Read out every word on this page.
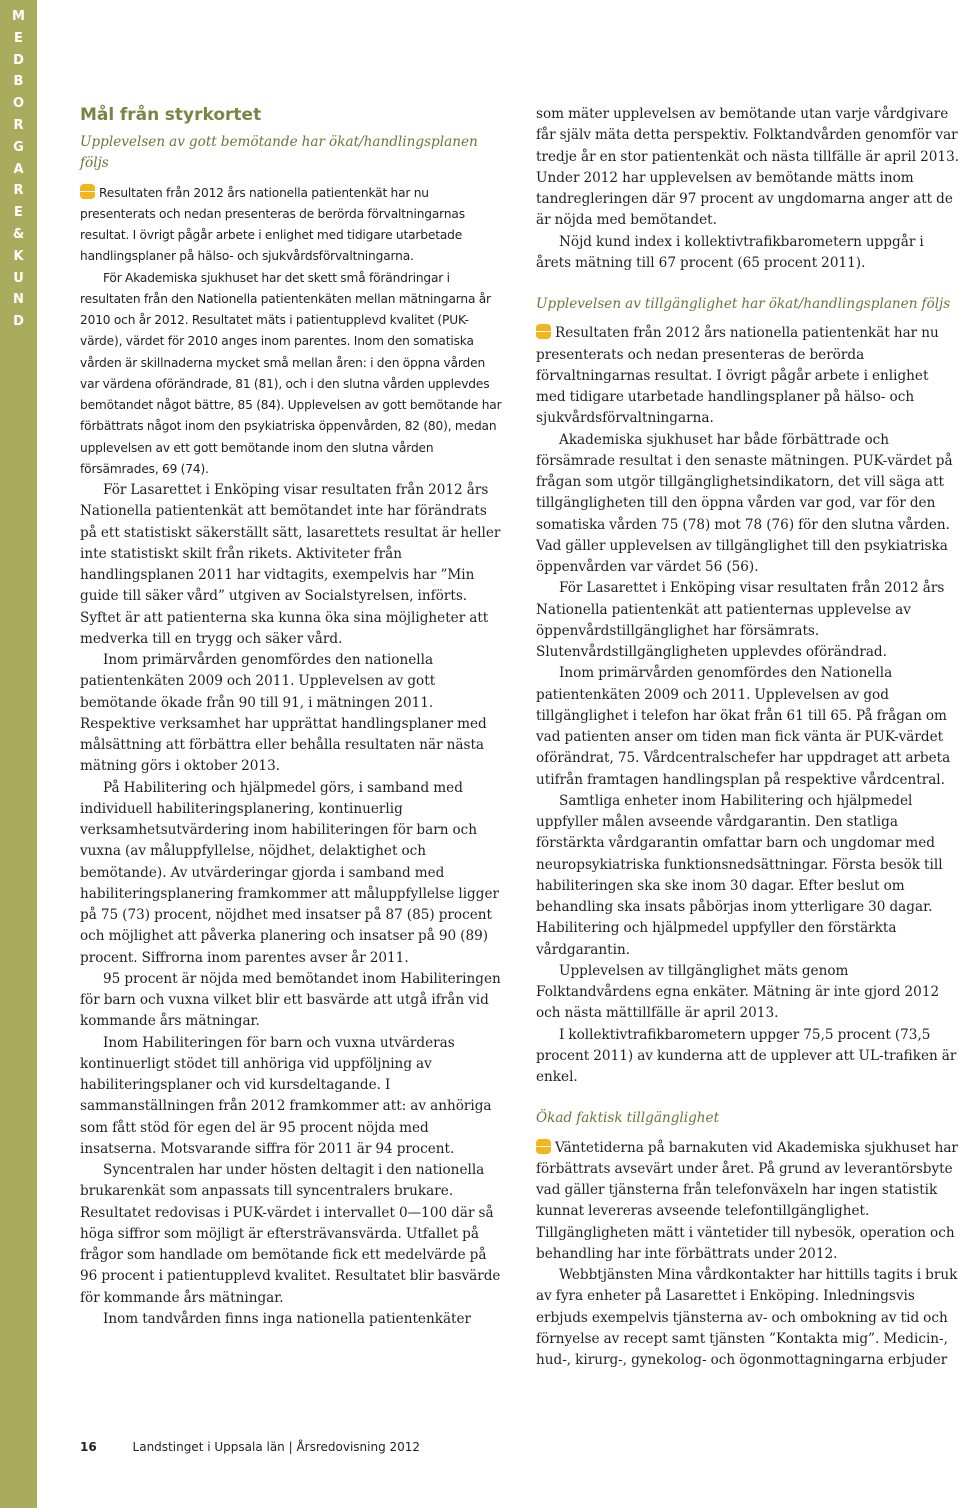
M
E
D
B
O
R
G
A
R
E
&
K
U
N
D
Mål från styrkortet
Upplevelsen av gott bemötande har ökat/handlingsplanen följs

Resultaten från 2012 års nationella patientenkät har nu presenterats och nedan presenteras de berörda förvaltningarnas resultat. I övrigt pågår arbete i enlighet med tidigare utarbetade handlingsplaner på hälso- och sjukvårdsförvaltningarna.

För Akademiska sjukhuset har det skett små förändringar i resultaten från den Nationella patientenkäten mellan mätningarna år 2010 och år 2012. Resultatet mäts i patientupplevd kvalitet (PUK-värde), värdet för 2010 anges inom parentes. Inom den somatiska vården är skillnaderna mycket små mellan åren: i den öppna vården var värdena oförändrade, 81 (81), och i den slutna vården upplevdes bemötandet något bättre, 85 (84). Upplevelsen av gott bemötande har förbättrats något inom den psykiatriska öppenvården, 82 (80), medan upplevelsen av ett gott bemötande inom den slutna vården försämrades, 69 (74).

För Lasarettet i Enköping visar resultaten från 2012 års Nationella patientenkät att bemötandet inte har förändrats på ett statistiskt säkerställt sätt, lasarettets resultat är heller inte statistiskt skilt från rikets. Aktiviteter från handlingsplanen 2011 har vidtagits, exempelvis har ”Min guide till säker vård” utgiven av Socialstyrelsen, införts. Syftet är att patienterna ska kunna öka sina möjligheter att medverka till en trygg och säker vård.

Inom primärvården genomfördes den nationella patientenkäten 2009 och 2011. Upplevelsen av gott bemötande ökade från 90 till 91, i mätningen 2011. Respektive verksamhet har upprättat handlingsplaner med målsättning att förbättra eller behålla resultaten när nästa mätning görs i oktober 2013.

På Habilitering och hjälpmedel görs, i samband med individuell habiliteringsplanering, kontinuerlig verksamhetsutvärdering inom habiliteringen för barn och vuxna (av måluppfyllelse, nöjdhet, delaktighet och bemötande). Av utvärderingar gjorda i samband med habiliteringsplanering framkommer att måluppfyllelse ligger på 75 (73) procent, nöjdhet med insatser på 87 (85) procent och möjlighet att påverka planering och insatser på 90 (89) procent. Siffrorna inom parentes avser år 2011.

95 procent är nöjda med bemötandet inom Habiliteringen för barn och vuxna vilket blir ett basvärde att utgå ifrån vid kommande års mätningar.

Inom Habiliteringen för barn och vuxna utvärderas kontinuerligt stödet till anhöriga vid uppföljning av habiliteringsplaner och vid kursdeltagande. I sammanställningen från 2012 framkommer att: av anhöriga som fått stöd för egen del är 95 procent nöjda med insatserna. Motsvarande siffra för 2011 är 94 procent.

Syncentralen har under hösten deltagit i den nationella brukarenkät som anpassats till syncentralers brukare. Resultatet redovisas i PUK-värdet i intervallet 0—100 där så höga siffror som möjligt är eftersträvansvärda. Utfallet på frågor som handlade om bemötande fick ett medelvärde på 96 procent i patientupplevd kvalitet. Resultatet blir basvärde för kommande års mätningar.

Inom tandvården finns inga nationella patientenkäter

som mäter upplevelsen av bemötande utan varje vårdgivare får själv mäta detta perspektiv. Folktandvården genomför var tredje år en stor patientenkät och nästa tillfälle är april 2013. Under 2012 har upplevelsen av bemötande mätts inom tandregleringen där 97 procent av ungdomarna anger att de är nöjda med bemötandet.

Nöjd kund index i kollektivtrafikbarometern uppgår i årets mätning till 67 procent (65 procent 2011).

Upplevelsen av tillgänglighet har ökat/handlingsplanen följs

Resultaten från 2012 års nationella patientenkät har nu presenterats och nedan presenteras de berörda förvaltningarnas resultat. I övrigt pågår arbete i enlighet med tidigare utarbetade handlingsplaner på hälso- och sjukvårdsförvaltningarna.

Akademiska sjukhuset har både förbättrade och försämrade resultat i den senaste mätningen. PUK-värdet på frågan som utgör tillgänglighetsindikatorn, det vill säga att tillgängligheten till den öppna vården var god, var för den somatiska vården 75 (78) mot 78 (76) för den slutna vården. Vad gäller upplevelsen av tillgänglighet till den psykiatriska öppenvården var värdet 56 (56).

För Lasarettet i Enköping visar resultaten från 2012 års Nationella patientenkät att patienternas upplevelse av öppenvårdstillgänglighet har försämrats. Slutenvårdstillgängligheten upplevdes oförändrad.

Inom primärvården genomfördes den Nationella patientenkäten 2009 och 2011. Upplevelsen av god tillgänglighet i telefon har ökat från 61 till 65. På frågan om vad patienten anser om tiden man fick vänta är PUK-värdet oförändrat, 75. Vårdcentralschefer har uppdraget att arbeta utifrån framtagen handlingsplan på respektive vårdcentral.

Samtliga enheter inom Habilitering och hjälpmedel uppfyller målen avseende vårdgarantin. Den statliga förstärkta vårdgarantin omfattar barn och ungdomar med neuropsykiatriska funktionsnedsättningar. Första besök till habiliteringen ska ske inom 30 dagar. Efter beslut om behandling ska insats påbörjas inom ytterligare 30 dagar. Habilitering och hjälpmedel uppfyller den förstärkta vårdgarantin.

Upplevelsen av tillgänglighet mäts genom Folktandvårdens egna enkäter. Mätning är inte gjord 2012 och nästa mättillfälle är april 2013.

I kollektivtrafikbarometern uppger 75,5 procent (73,5 procent 2011) av kunderna att de upplever att UL-trafiken är enkel.

Ökad faktisk tillgänglighet

Väntetiderna på barnakuten vid Akademiska sjukhuset har förbättrats avsevärt under året. På grund av leverantörsbyte vad gäller tjänsterna från telefonväxeln har ingen statistik kunnat levereras avseende telefontillgänglighet. Tillgängligheten mätt i väntetider till nybesök, operation och behandling har inte förbättrats under 2012.

Webbtjänsten Mina vårdkontakter har hittills tagits i bruk av fyra enheter på Lasarettet i Enköping. Inledningsvis erbjuds exempelvis tjänsterna av- och ombokning av tid och förnyelse av recept samt tjänsten ”Kontakta mig”. Medicin-, hud-, kirurg-, gynekolog- och ögonmottagningarna erbjuder

16	Landstinget i Uppsala län | Årsredovisning 2012
